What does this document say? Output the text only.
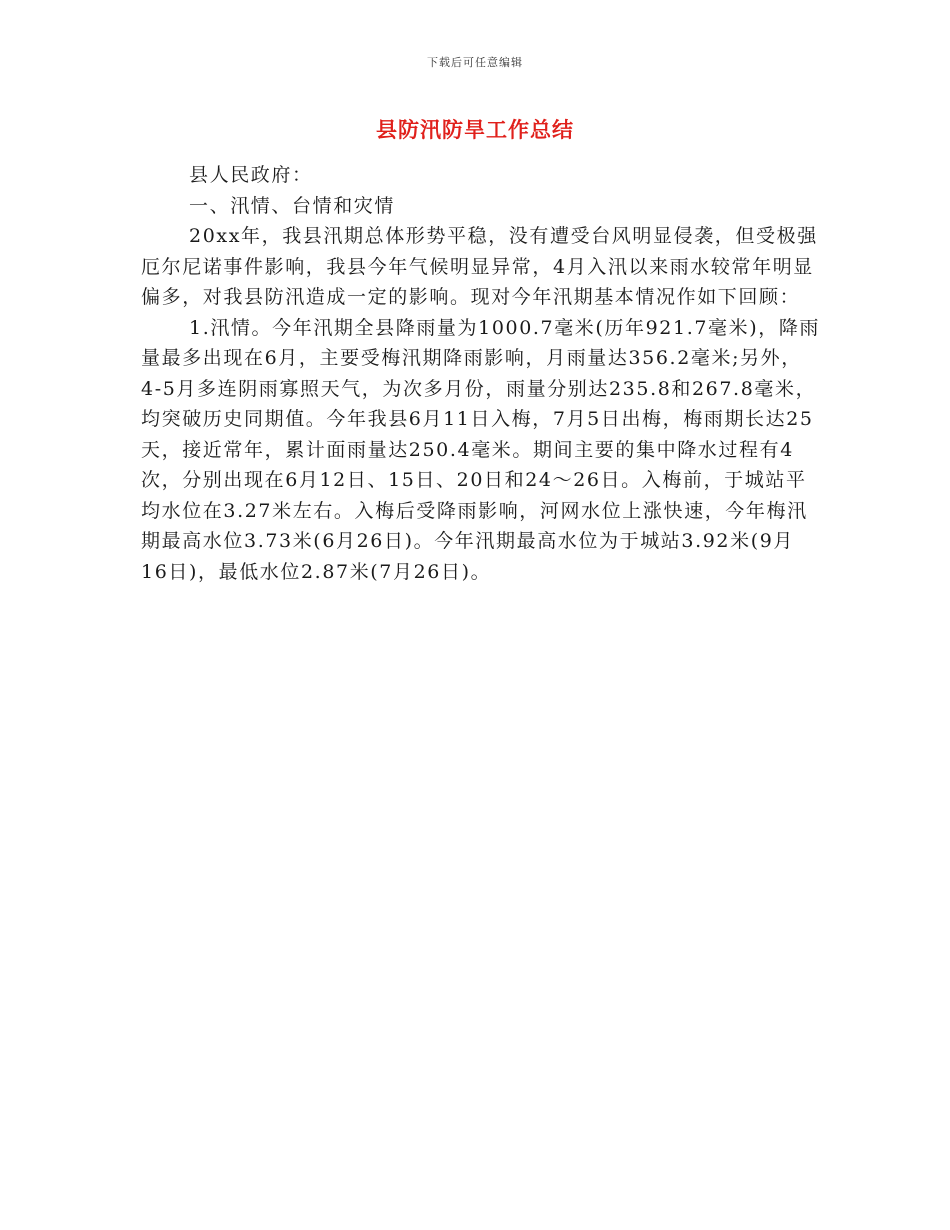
下载后可任意编辑
县防汛防旱工作总结

县人民政府：

一、汛情、台情和灾情

20xx年，我县汛期总体形势平稳，没有遭受台风明显侵袭，但受极强厄尔尼诺事件影响，我县今年气候明显异常，4月入汛以来雨水较常年明显偏多，对我县防汛造成一定的影响。现对今年汛期基本情况作如下回顾：

1.汛情。今年汛期全县降雨量为1000.7毫米(历年921.7毫米)，降雨量最多出现在6月，主要受梅汛期降雨影响，月雨量达356.2毫米;另外，4-5月多连阴雨寡照天气，为次多月份，雨量分别达235.8和267.8毫米，均突破历史同期值。今年我县6月11日入梅，7月5日出梅，梅雨期长达25天，接近常年，累计面雨量达250.4毫米。期间主要的集中降水过程有4次，分别出现在6月12日、15日、20日和24～26日。入梅前，于城站平均水位在3.27米左右。入梅后受降雨影响，河网水位上涨快速，今年梅汛期最高水位3.73米(6月26日)。今年汛期最高水位为于城站3.92米(9月16日)，最低水位2.87米(7月26日)。
